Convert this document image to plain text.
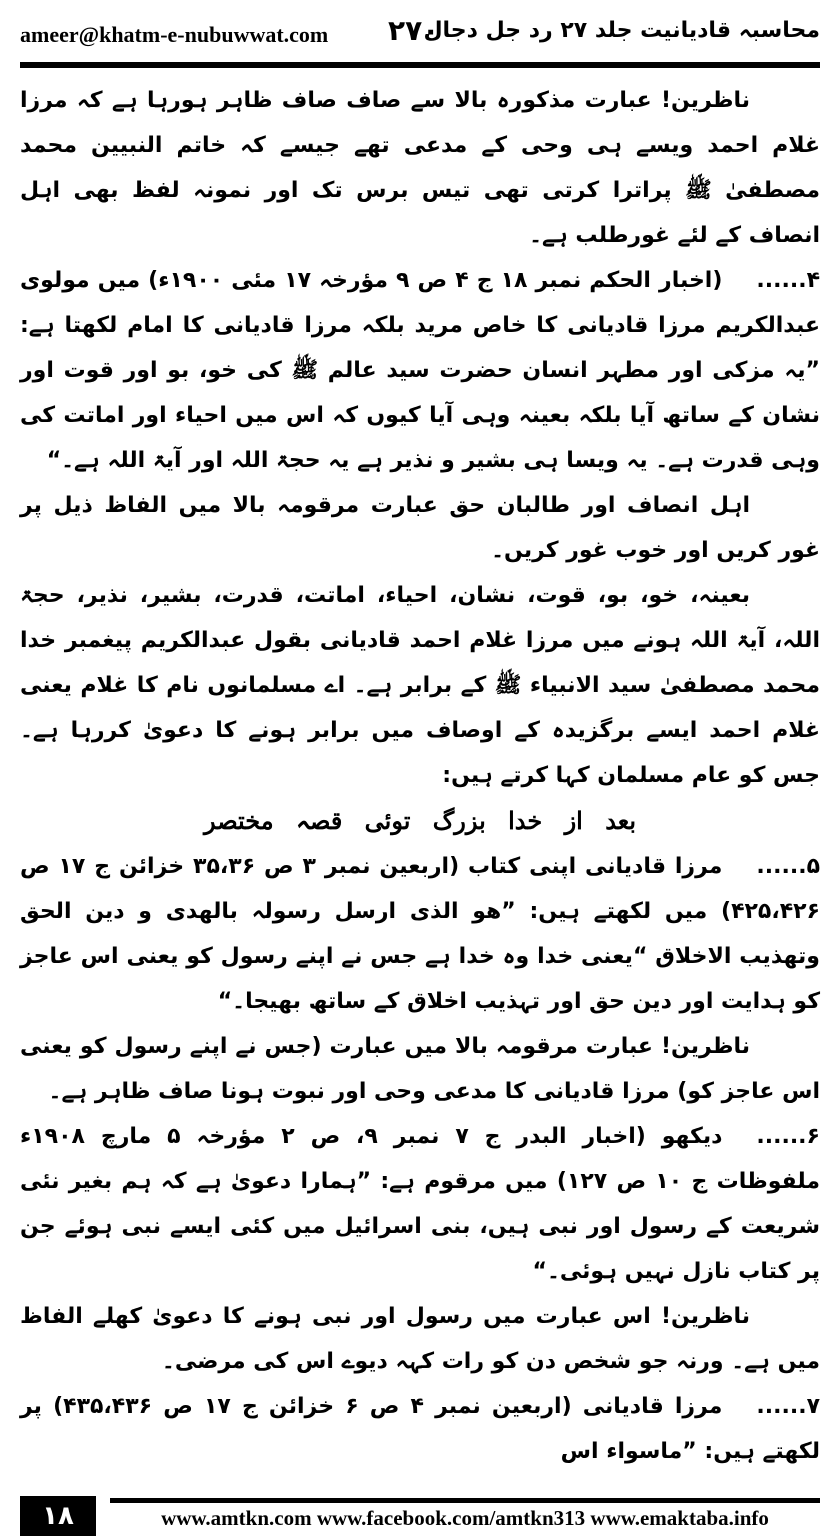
ameer@khatm-e-nubuwwat.com ۲۷۰
محاسبہ قادیانیت جلد ۲۷ رد جل دجال

ناظرین! عبارت مذکورہ بالا سے صاف صاف ظاہر ہورہا ہے کہ مرزا غلام احمد ویسے ہی وحی کے مدعی تھے جیسے کہ خاتم النبیین محمد مصطفیٰ ﷺ پراترا کرتی تھی تیس برس تک اور نمونہ لفظ بھی اہل انصاف کے لئے غورطلب ہے۔

۴......(اخبار الحکم نمبر ۱۸ ج ۴ ص ۹ مؤرخہ ۱۷ مئی ۱۹۰۰ء) میں مولوی عبدالکریم مرزا قادیانی کا خاص مرید بلکہ مرزا قادیانی کا امام لکھتا ہے: ”یہ مزکی اور مطہر انسان حضرت سید عالم ﷺ کی خو، بو اور قوت اور نشان کے ساتھ آیا بلکہ بعینہ وہی آیا کیوں کہ اس میں احیاء اور اماتت کی وہی قدرت ہے۔ یہ ویسا ہی بشیر و نذیر ہے یہ حجۃ اللہ اور آیۃ اللہ ہے۔“

اہل انصاف اور طالبان حق عبارت مرقومہ بالا میں الفاظ ذیل پر غور کریں اور خوب غور کریں۔

بعینہ، خو، بو، قوت، نشان، احیاء، اماتت، قدرت، بشیر، نذیر، حجۃ اللہ، آیۃ اللہ ہونے میں مرزا غلام احمد قادیانی بقول عبدالکریم پیغمبر خدا محمد مصطفیٰ سید الانبیاء ﷺ کے برابر ہے۔ اے مسلمانوں نام کا غلام یعنی غلام احمد ایسے برگزیدہ کے اوصاف میں برابر ہونے کا دعویٰ کررہا ہے۔ جس کو عام مسلمان کہا کرتے ہیں:

بعد از خدا بزرگ توئی قصہ مختصر

۵......مرزا قادیانی اپنی کتاب (اربعین نمبر ۳ ص ۳۵،۳۶ خزائن ج ۱۷ ص ۴۲۵،۴۲۶) میں لکھتے ہیں: ”ھو الذی ارسل رسولہ بالھدی و دین الحق وتھذیب الاخلاق “یعنی خدا وہ خدا ہے جس نے اپنے رسول کو یعنی اس عاجز کو ہدایت اور دین حق اور تہذیب اخلاق کے ساتھ بھیجا۔“

ناظرین! عبارت مرقومہ بالا میں عبارت (جس نے اپنے رسول کو یعنی اس عاجز کو) مرزا قادیانی کا مدعی وحی اور نبوت ہونا صاف ظاہر ہے۔

۶......دیکھو (اخبار البدر ج ۷ نمبر ۹، ص ۲ مؤرخہ ۵ مارچ ۱۹۰۸ء ملفوظات ج ۱۰ ص ۱۲۷) میں مرقوم ہے: ”ہمارا دعویٰ ہے کہ ہم بغیر نئی شریعت کے رسول اور نبی ہیں، بنی اسرائیل میں کئی ایسے نبی ہوئے جن پر کتاب نازل نہیں ہوئی۔“

ناظرین! اس عبارت میں رسول اور نبی ہونے کا دعویٰ کھلے الفاظ میں ہے۔ ورنہ جو شخص دن کو رات کہہ دیوے اس کی مرضی۔

۷......مرزا قادیانی (اربعین نمبر ۴ ص ۶ خزائن ج ۱۷ ص ۴۳۵،۴۳۶) پر لکھتے ہیں: ”ماسواء اس

۱۸	www.amtkn.com www.facebook.com/amtkn313 www.emaktaba.info
